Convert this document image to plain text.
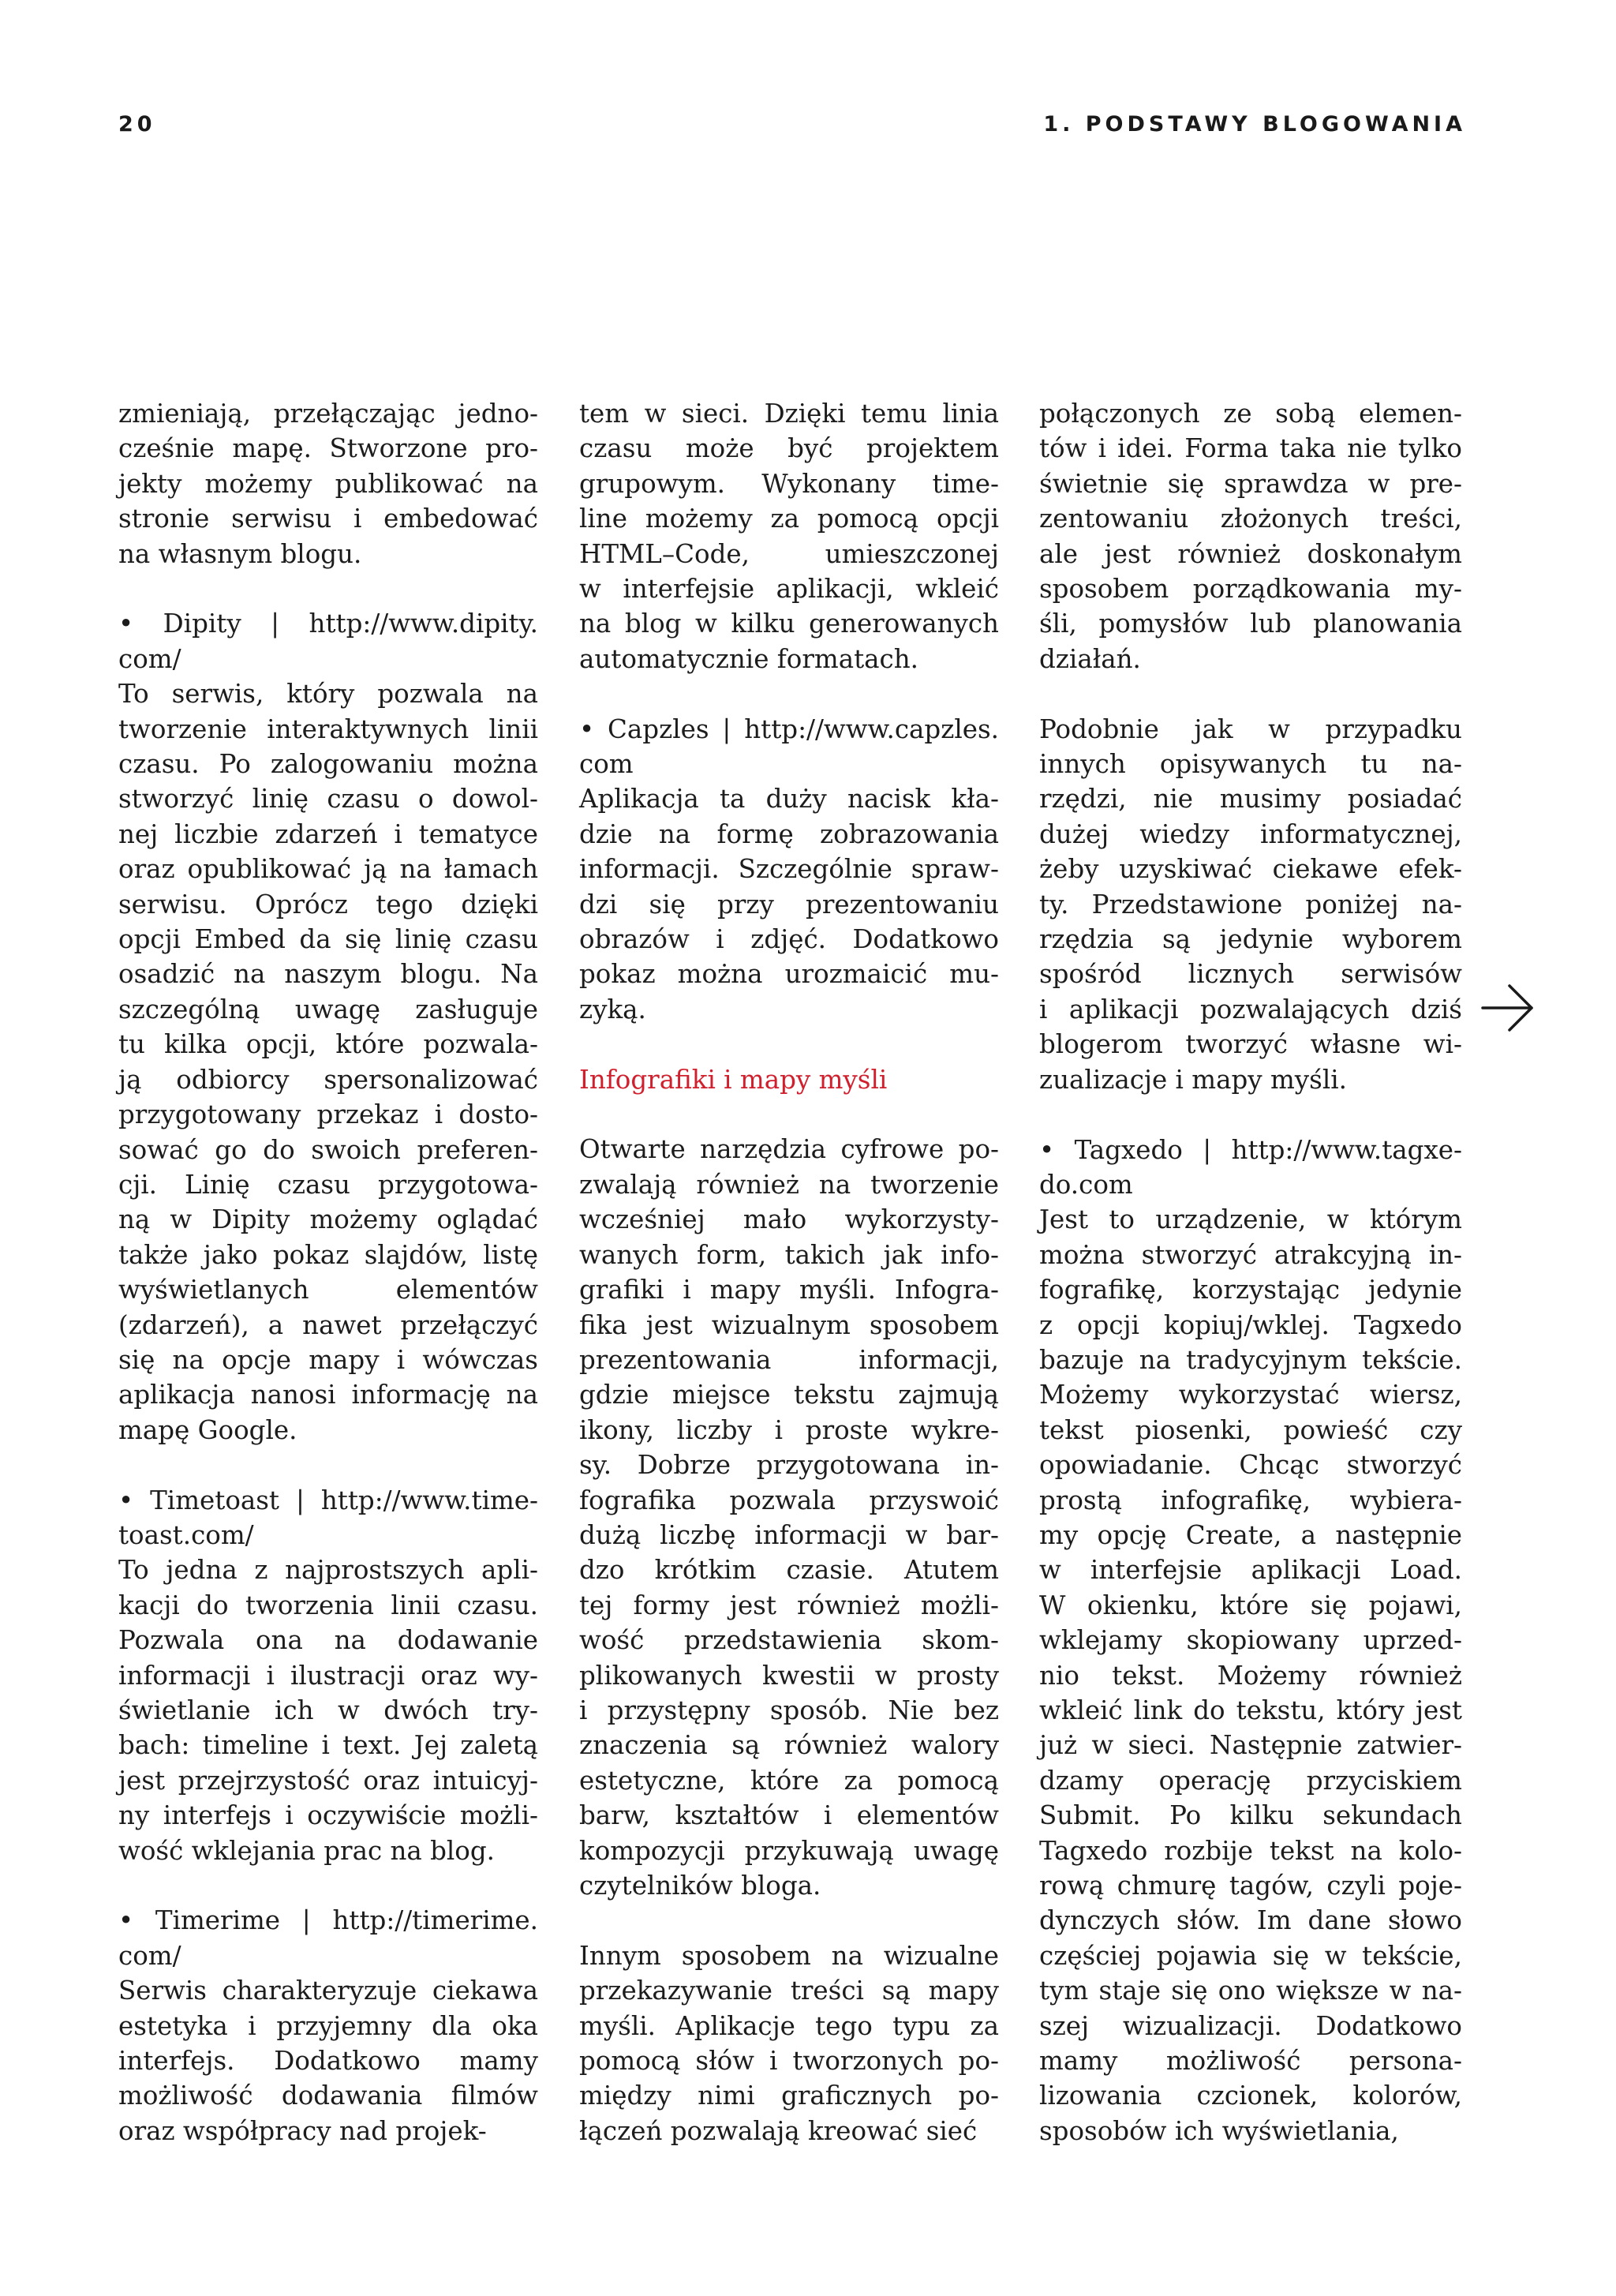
20	1. PODSTAWY BLOGOWANIA

zmieniają, przełączając jedno-
cześnie mapę. Stworzone pro-
jekty możemy publikować na
stronie serwisu i embedować
na własnym blogu.

• Dipity | http://www.dipity.
com/
To serwis, który pozwala na
tworzenie interaktywnych linii
czasu. Po zalogowaniu można
stworzyć linię czasu o dowol-
nej liczbie zdarzeń i tematyce
oraz opublikować ją na łamach
serwisu. Oprócz tego dzięki
opcji Embed da się linię czasu
osadzić na naszym blogu. Na
szczególną uwagę zasługuje
tu kilka opcji, które pozwala-
ją odbiorcy spersonalizować
przygotowany przekaz i dosto-
sować go do swoich preferen-
cji. Linię czasu przygotowa-
ną w Dipity możemy oglądać
także jako pokaz slajdów, listę
wyświetlanych elementów
(zdarzeń), a nawet przełączyć
się na opcje mapy i wówczas
aplikacja nanosi informację na
mapę Google.

• Timetoast | http://www.time-
toast.com/
To jedna z najprostszych apli-
kacji do tworzenia linii czasu.
Pozwala ona na dodawanie
informacji i ilustracji oraz wy-
świetlanie ich w dwóch try-
bach: timeline i text. Jej zaletą
jest przejrzystość oraz intuicyj-
ny interfejs i oczywiście możli-
wość wklejania prac na blog.

• Timerime | http://timerime.
com/
Serwis charakteryzuje ciekawa
estetyka i przyjemny dla oka
interfejs. Dodatkowo mamy
możliwość dodawania filmów
oraz współpracy nad projek-

tem w sieci. Dzięki temu linia
czasu może być projektem
grupowym. Wykonany time-
line możemy za pomocą opcji
HTML–Code, umieszczonej
w interfejsie aplikacji, wkleić
na blog w kilku generowanych
automatycznie formatach.

• Capzles | http://www.capzles.
com
Aplikacja ta duży nacisk kła-
dzie na formę zobrazowania
informacji. Szczególnie spraw-
dzi się przy prezentowaniu
obrazów i zdjęć. Dodatkowo
pokaz można urozmaicić mu-
zyką.

Infografiki i mapy myśli

Otwarte narzędzia cyfrowe po-
zwalają również na tworzenie
wcześniej mało wykorzysty-
wanych form, takich jak info-
grafiki i mapy myśli. Infogra-
fika jest wizualnym sposobem
prezentowania informacji,
gdzie miejsce tekstu zajmują
ikony, liczby i proste wykre-
sy. Dobrze przygotowana in-
fografika pozwala przyswoić
dużą liczbę informacji w bar-
dzo krótkim czasie. Atutem
tej formy jest również możli-
wość przedstawienia skom-
plikowanych kwestii w prosty
i przystępny sposób. Nie bez
znaczenia są również walory
estetyczne, które za pomocą
barw, kształtów i elementów
kompozycji przykuwają uwagę
czytelników bloga.

Innym sposobem na wizualne
przekazywanie treści są mapy
myśli. Aplikacje tego typu za
pomocą słów i tworzonych po-
między nimi graficznych po-
łączeń pozwalają kreować sieć

połączonych ze sobą elemen-
tów i idei. Forma taka nie tylko
świetnie się sprawdza w pre-
zentowaniu złożonych treści,
ale jest również doskonałym
sposobem porządkowania my-
śli, pomysłów lub planowania
działań.

Podobnie jak w przypadku
innych opisywanych tu na-
rzędzi, nie musimy posiadać
dużej wiedzy informatycznej,
żeby uzyskiwać ciekawe efek-
ty. Przedstawione poniżej na-
rzędzia są jedynie wyborem
spośród licznych serwisów
i aplikacji pozwalających dziś
blogerom tworzyć własne wi-
zualizacje i mapy myśli.

• Tagxedo | http://www.tagxe-
do.com
Jest to urządzenie, w którym
można stworzyć atrakcyjną in-
fografikę, korzystając jedynie
z opcji kopiuj/wklej. Tagxedo
bazuje na tradycyjnym tekście.
Możemy wykorzystać wiersz,
tekst piosenki, powieść czy
opowiadanie. Chcąc stworzyć
prostą infografikę, wybiera-
my opcję Create, a następnie
w interfejsie aplikacji Load.
W okienku, które się pojawi,
wklejamy skopiowany uprzed-
nio tekst. Możemy również
wkleić link do tekstu, który jest
już w sieci. Następnie zatwier-
dzamy operację przyciskiem
Submit. Po kilku sekundach
Tagxedo rozbije tekst na kolo-
rową chmurę tagów, czyli poje-
dynczych słów. Im dane słowo
częściej pojawia się w tekście,
tym staje się ono większe w na-
szej wizualizacji. Dodatkowo
mamy możliwość persona-
lizowania czcionek, kolorów,
sposobów ich wyświetlania,
